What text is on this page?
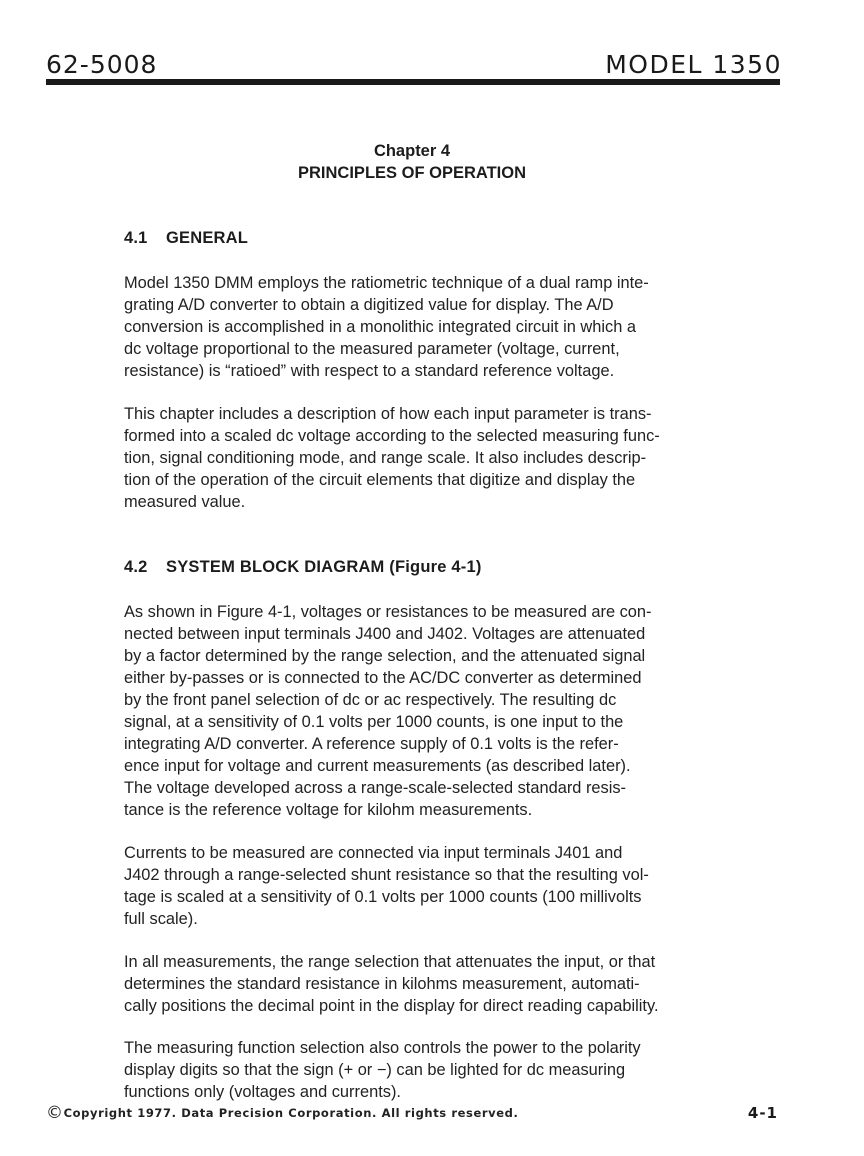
62-5008	MODEL 1350
Chapter 4
PRINCIPLES OF OPERATION
4.1 GENERAL
Model 1350 DMM employs the ratiometric technique of a dual ramp inte-
grating A/D converter to obtain a digitized value for display. The A/D
conversion is accomplished in a monolithic integrated circuit in which a
dc voltage proportional to the measured parameter (voltage, current,
resistance) is “ratioed” with respect to a standard reference voltage.
This chapter includes a description of how each input parameter is trans-
formed into a scaled dc voltage according to the selected measuring func-
tion, signal conditioning mode, and range scale. It also includes descrip-
tion of the operation of the circuit elements that digitize and display the
measured value.
4.2 SYSTEM BLOCK DIAGRAM (Figure 4-1)
As shown in Figure 4-1, voltages or resistances to be measured are con-
nected between input terminals J400 and J402. Voltages are attenuated
by a factor determined by the range selection, and the attenuated signal
either by-passes or is connected to the AC/DC converter as determined
by the front panel selection of dc or ac respectively. The resulting dc
signal, at a sensitivity of 0.1 volts per 1000 counts, is one input to the
integrating A/D converter. A reference supply of 0.1 volts is the refer-
ence input for voltage and current measurements (as described later).
The voltage developed across a range-scale-selected standard resis-
tance is the reference voltage for kilohm measurements.
Currents to be measured are connected via input terminals J401 and
J402 through a range-selected shunt resistance so that the resulting vol-
tage is scaled at a sensitivity of 0.1 volts per 1000 counts (100 millivolts
full scale).
In all measurements, the range selection that attenuates the input, or that
determines the standard resistance in kilohms measurement, automati-
cally positions the decimal point in the display for direct reading capability.
The measuring function selection also controls the power to the polarity
display digits so that the sign (+ or −) can be lighted for dc measuring
functions only (voltages and currents).
©Copyright 1977. Data Precision Corporation. All rights reserved.	4-1
